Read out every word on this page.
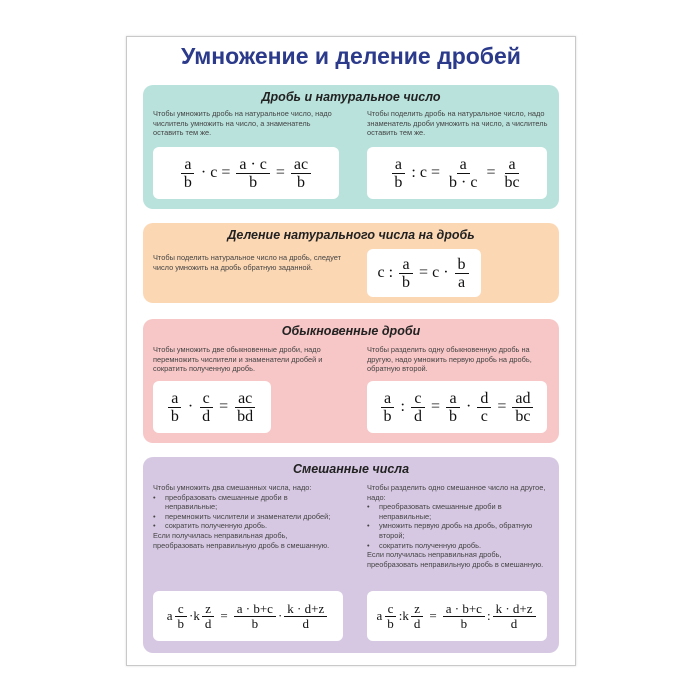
Умножение и деление дробей
Дробь и натуральное число
Чтобы умножить дробь на натуральное число, надо числитель умножить на число, а знаменатель оставить тем же.
Чтобы поделить дробь на натуральное число, надо знаменатель дроби умножить на число, а числитель оставить тем же.
$\frac{a}{b} \cdot c = \frac{a \cdot c}{b} = \frac{ac}{b}$	$\frac{a}{b}$ : $c = \frac{a}{b \cdot c} = \frac{a}{bc}$
Деление натурального числа на дробь
Чтобы поделить натуральное число на дробь, следует число умножить на дробь обратную заданной.	c : $\frac{a}{b} = c \cdot \frac{b}{a}$
Обыкновенные дроби
Чтобы умножить две обыкновенные дроби, надо перемножить числители и знаменатели дробей и сократить полученную дробь.
Чтобы разделить одну обыкновенную дробь на другую, надо умножить первую дробь на дробь, обратную второй.
$\frac{a}{b} \cdot \frac{c}{d} = \frac{ac}{bd}$	$\frac{a}{b}$ : $\frac{c}{d} = \frac{a}{b} \cdot \frac{d}{c} = \frac{ad}{bc}$
Смешанные числа
Чтобы умножить два смешанных числа, надо:
• преобразовать смешанные дроби в неправильные;
• перемножить числители и знаменатели дробей;
• сократить полученную дробь.
Если получилась неправильная дробь, преобразовать неправильную дробь в смешанную.
Чтобы разделить одно смешанное число на другое, надо:
• преобразовать смешанные дроби в неправильные;
• умножить первую дробь на дробь, обратную второй;
• сократить полученную дробь.
Если получилась неправильная дробь, преобразовать неправильную дробь в смешанную.
a $\frac{c}{b} \cdot k \frac{z}{d} = \frac{a \cdot b+c}{b} \cdot \frac{k \cdot d+z}{d}$	a $\frac{c}{b}$ : k $\frac{z}{d} = \frac{a \cdot b+c}{b}$ : $\frac{k \cdot d+z}{d}$
